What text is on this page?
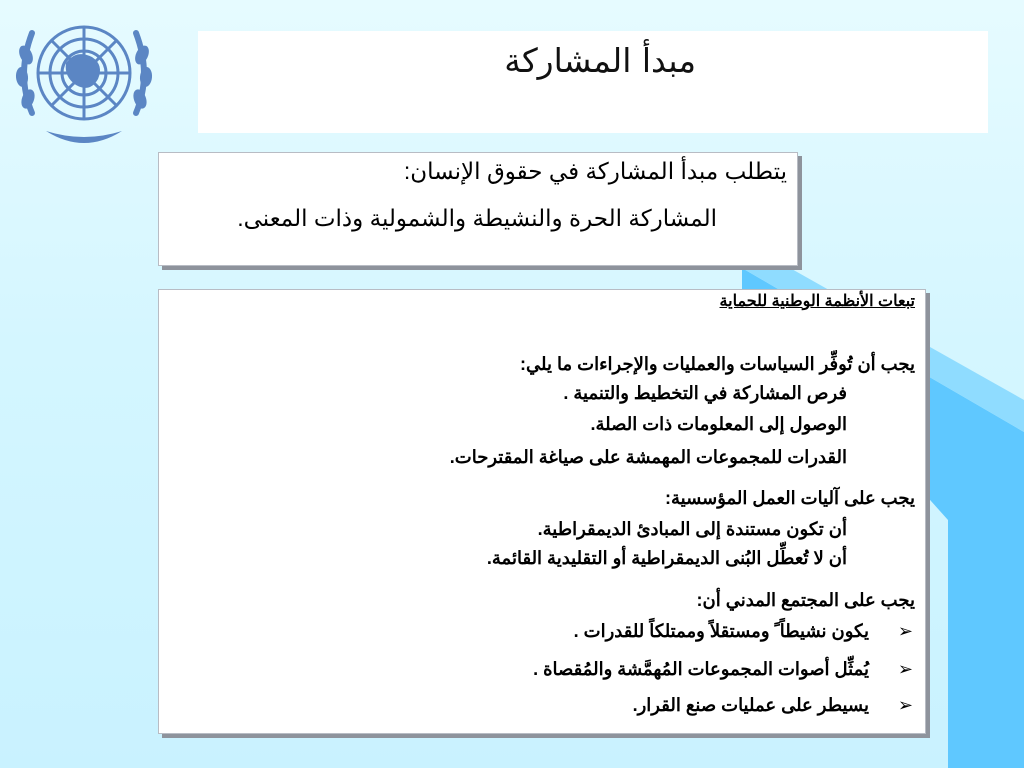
مبدأ المشاركة
يتطلب مبدأ المشاركة في حقوق الإنسان:
المشاركة الحرة والنشيطة والشمولية وذات المعنى.
تبعات الأنظمة الوطنية للحماية
يجب أن تُوفِّر السياسات والعمليات والإجراءات ما يلي:
فرص المشاركة في التخطيط والتنمية .
الوصول إلى المعلومات ذات الصلة.
القدرات للمجموعات المهمشة على صياغة المقترحات.
يجب على آليات العمل المؤسسية:
أن تكون مستندة إلى المبادئ الديمقراطية.
أن لا تُعطِّل البُنى الديمقراطية أو التقليدية القائمة.
يجب على المجتمع المدني أن:
➢يكون نشيطاً ً ومستقلاً وممتلكاً للقدرات .
➢يُمثِّل أصوات المجموعات المُهمَّشة والمُقصاة .
➢يسيطر على عمليات صنع القرار.
